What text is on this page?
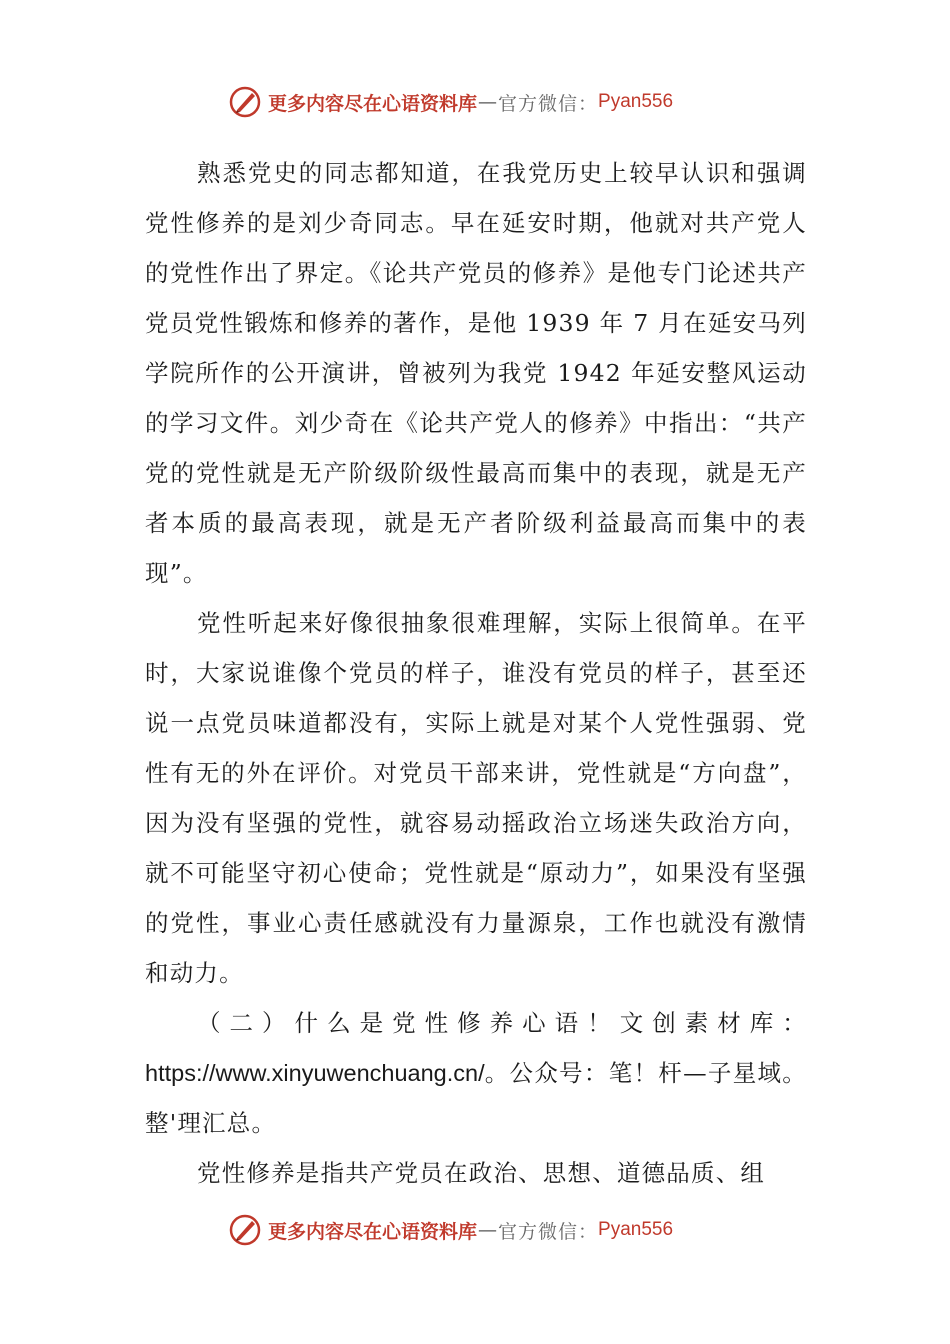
更多内容尽在心语资料库 — 官方微信： Pyan556

熟悉党史的同志都知道，在我党历史上较早认识和强调党性修养的是刘少奇同志。早在延安时期，他就对共产党人的党性作出了界定。《论共产党员的修养》是他专门论述共产党员党性锻炼和修养的著作，是他 1939 年 7 月在延安马列学院所作的公开演讲，曾被列为我党 1942 年延安整风运动的学习文件。刘少奇在《论共产党人的修养》中指出：“共产党的党性就是无产阶级阶级性最高而集中的表现，就是无产者本质的最高表现，就是无产者阶级利益最高而集中的表现”。

党性听起来好像很抽象很难理解，实际上很简单。在平时，大家说谁像个党员的样子，谁没有党员的样子，甚至还说一点党员味道都没有，实际上就是对某个人党性强弱、党性有无的外在评价。对党员干部来讲，党性就是“方向盘”，因为没有坚强的党性，就容易动摇政治立场迷失政治方向，就不可能坚守初心使命；党性就是“原动力”，如果没有坚强的党性，事业心责任感就没有力量源泉，工作也就没有激情和动力。

（二）什么是党性修养心语！文创素材库：https://www.xinyuwenchuang.cn/。公众号：笔！杆—子星域。整'理汇总。

党性修养是指共产党员在政治、思想、道德品质、组

更多内容尽在心语资料库 — 官方微信： Pyan556
